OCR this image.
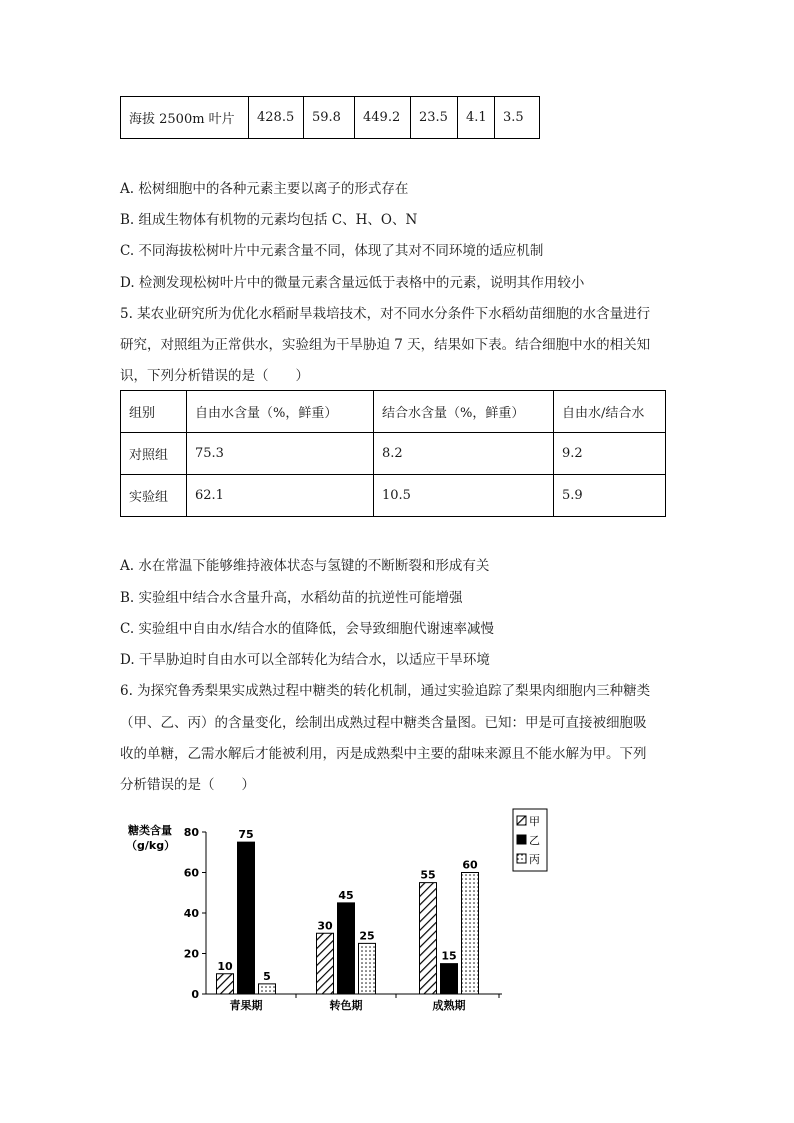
海拔 2500m 叶片	428.5	59.8	449.2	23.5	4.1	3.5
A. 松树细胞中的各种元素主要以离子的形式存在
B. 组成生物体有机物的元素均包括 C、H、O、N
C. 不同海拔松树叶片中元素含量不同，体现了其对不同环境的适应机制
D. 检测发现松树叶片中的微量元素含量远低于表格中的元素，说明其作用较小
5. 某农业研究所为优化水稻耐旱栽培技术，对不同水分条件下水稻幼苗细胞的水含量进行
研究，对照组为正常供水，实验组为干旱胁迫 7 天，结果如下表。结合细胞中水的相关知
识，下列分析错误的是（　　）
组别	自由水含量（%，鲜重）	结合水含量（%，鲜重）	自由水/结合水
对照组	75.3	8.2	9.2
实验组	62.1	10.5	5.9
A. 水在常温下能够维持液体状态与氢键的不断断裂和形成有关
B. 实验组中结合水含量升高，水稻幼苗的抗逆性可能增强
C. 实验组中自由水/结合水的值降低，会导致细胞代谢速率减慢
D. 干旱胁迫时自由水可以全部转化为结合水，以适应干旱环境
6. 为探究鲁秀梨果实成熟过程中糖类的转化机制，通过实验追踪了梨果肉细胞内三种糖类
（甲、乙、丙）的含量变化，绘制出成熟过程中糖类含量图。已知：甲是可直接被细胞吸
收的单糖，乙需水解后才能被利用，丙是成熟梨中主要的甜味来源且不能水解为甲。下列
分析错误的是（　　）
糖类含量
（g/kg）
0
20
40
60
80
青果期	转色期	成熟期
10
75
5
30
45
25
55
15
60
甲
乙
丙
